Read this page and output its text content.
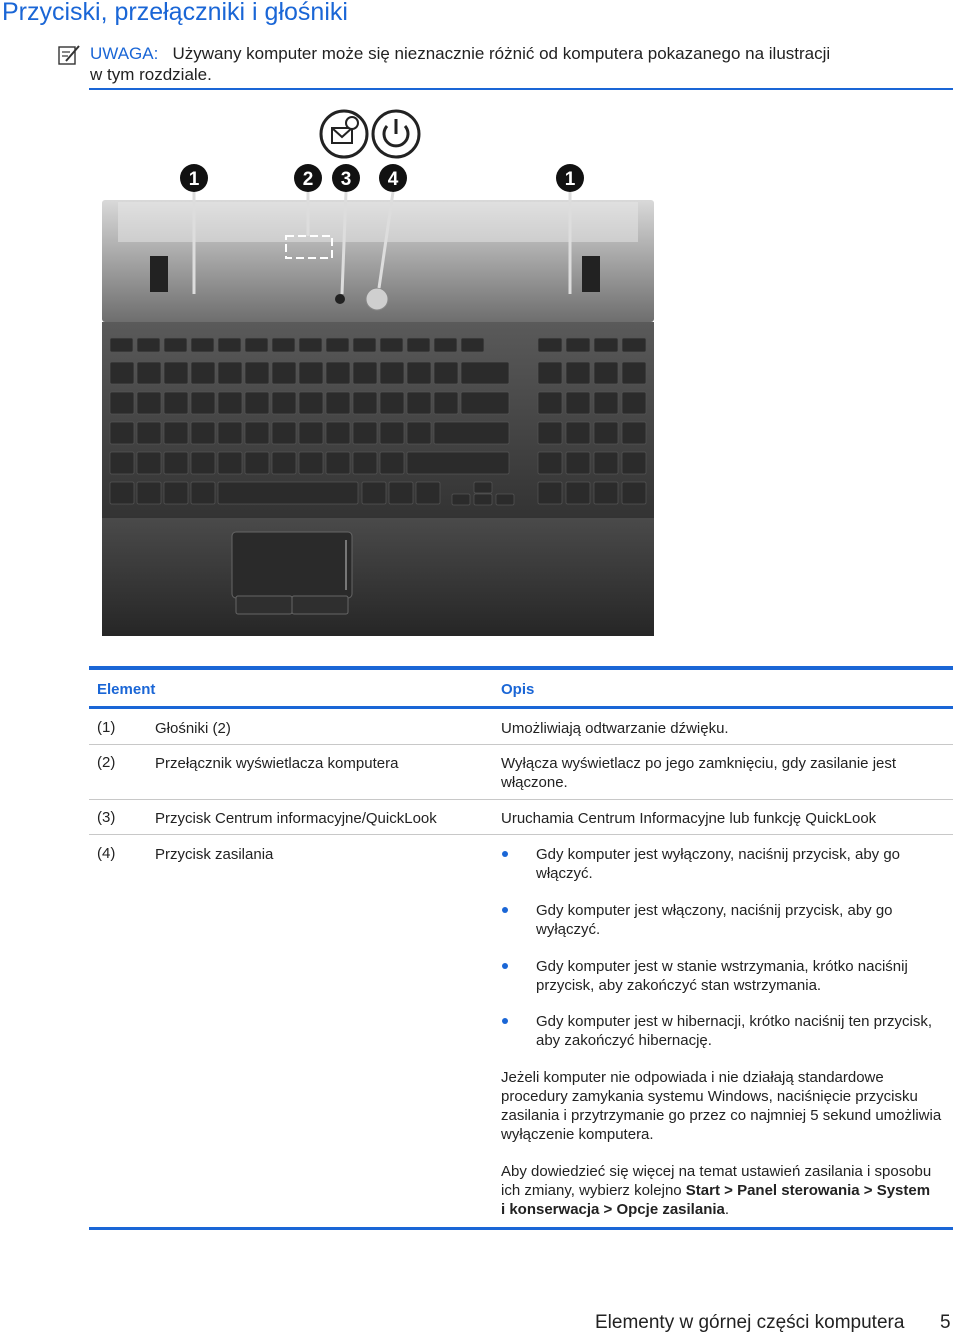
Przyciski, przełączniki i głośniki
UWAGA: Używany komputer może się nieznacznie różnić od komputera pokazanego na ilustracji
w tym rozdziale.
1	2 3 4	1
Element	Opis
(1)	Głośniki (2)	Umożliwiają odtwarzanie dźwięku.
(2)	Przełącznik wyświetlacza komputera	Wyłącza wyświetlacz po jego zamknięciu, gdy zasilanie jest
włączone.
(3)	Przycisk Centrum informacyjne/QuickLook	Uruchamia Centrum Informacyjne lub funkcję QuickLook
(4)	Przycisk zasilania	Gdy komputer jest wyłączony, naciśnij przycisk, aby go
włączyć.
Gdy komputer jest włączony, naciśnij przycisk, aby go
wyłączyć.
Gdy komputer jest w stanie wstrzymania, krótko naciśnij
przycisk, aby zakończyć stan wstrzymania.
Gdy komputer jest w hibernacji, krótko naciśnij ten przycisk,
aby zakończyć hibernację.
Jeżeli komputer nie odpowiada i nie działają standardowe
procedury zamykania systemu Windows, naciśnięcie przycisku
zasilania i przytrzymanie go przez co najmniej 5 sekund umożliwia
wyłączenie komputera.
Aby dowiedzieć się więcej na temat ustawień zasilania i sposobu
ich zmiany, wybierz kolejno Start > Panel sterowania > System
i konserwacja > Opcje zasilania.
Elementy w górnej części komputera 5
